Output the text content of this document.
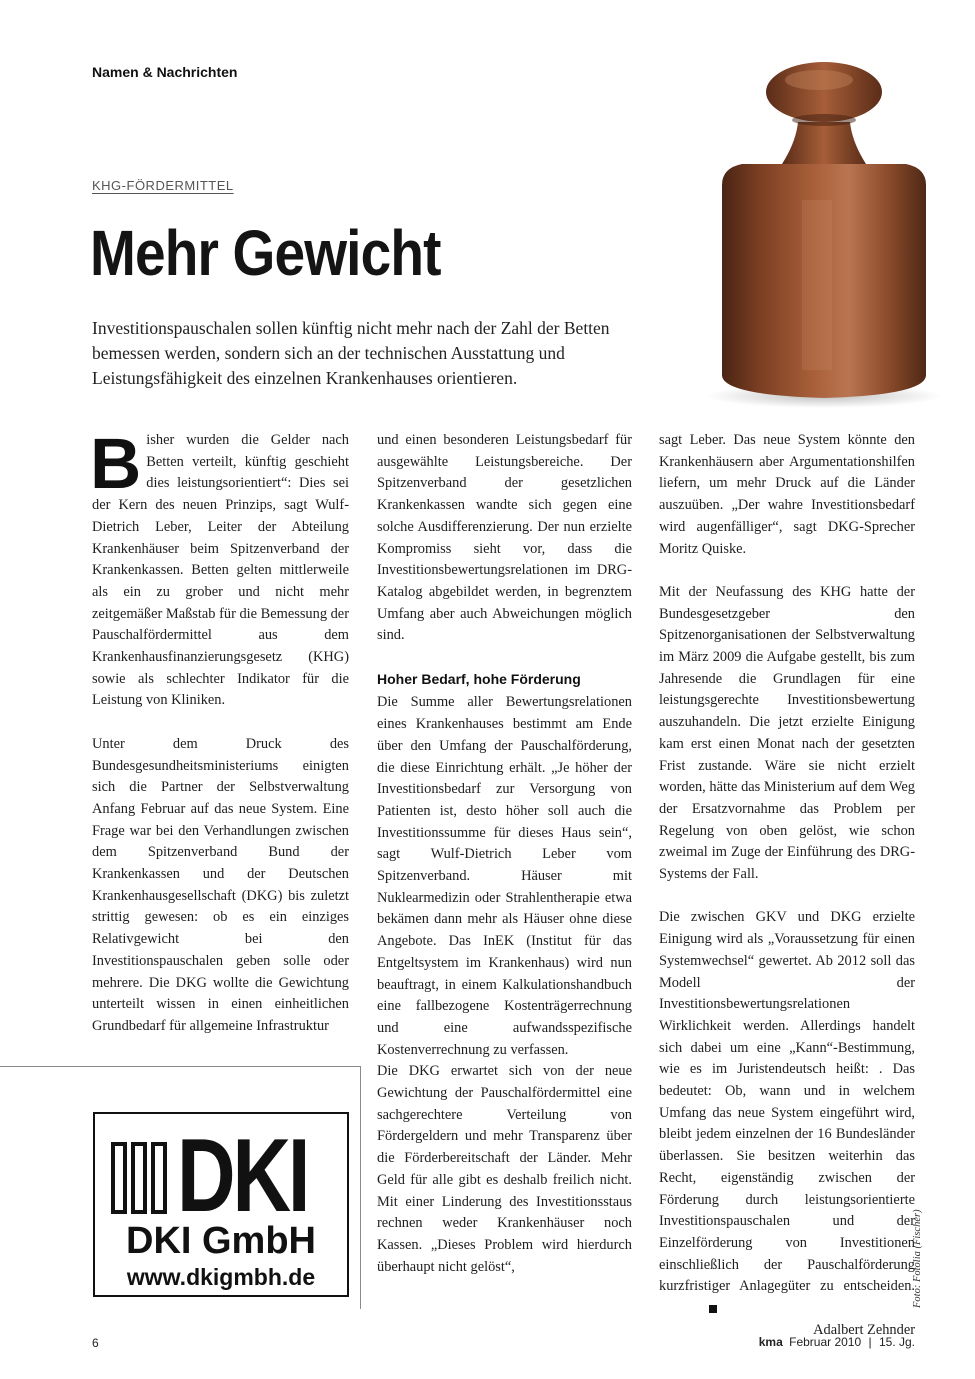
Namen & Nachrichten
KHG-FÖRDERMITTEL
Mehr Gewicht

Investitionspauschalen sollen künftig nicht mehr nach der Zahl der Betten bemessen werden, sondern sich an der technischen Ausstattung und Leistungsfähigkeit des einzelnen Krankenhauses orientieren.

Bisher wurden die Gelder nach Betten verteilt, künftig geschieht dies leistungsorientiert“: Dies sei der Kern des neuen Prinzips, sagt Wulf-Dietrich Leber, Leiter der Abteilung Krankenhäuser beim Spitzenverband der Krankenkassen. Betten gelten mittlerweile als ein zu grober und nicht mehr zeitgemäßer Maßstab für die Bemessung der Pauschalfördermittel aus dem Krankenhausfinanzierungsgesetz (KHG) sowie als schlechter Indikator für die Leistung von Kliniken.

Unter dem Druck des Bundesgesundheitsministeriums einigten sich die Partner der Selbstverwaltung Anfang Februar auf das neue System. Eine Frage war bei den Verhandlungen zwischen dem Spitzenverband Bund der Krankenkassen und der Deutschen Krankenhausgesellschaft (DKG) bis zuletzt strittig gewesen: ob es ein einziges Relativgewicht bei den Investitionspauschalen geben solle oder mehrere. Die DKG wollte die Gewichtung unterteilt wissen in einen einheitlichen Grundbedarf für allgemeine Infrastruktur

und einen besonderen Leistungsbedarf für ausgewählte Leistungsbereiche. Der Spitzenverband der gesetzlichen Krankenkassen wandte sich gegen eine solche Ausdifferenzierung. Der nun erzielte Kompromiss sieht vor, dass die Investitionsbewertungsrelationen im DRG-Katalog abgebildet werden, in begrenztem Umfang aber auch Abweichungen möglich sind.

Hoher Bedarf, hohe Förderung

Die Summe aller Bewertungsrelationen eines Krankenhauses bestimmt am Ende über den Umfang der Pauschalförderung, die diese Einrichtung erhält. „Je höher der Investitionsbedarf zur Versorgung von Patienten ist, desto höher soll auch die Investitionssumme für dieses Haus sein“, sagt Wulf-Dietrich Leber vom Spitzenverband. Häuser mit Nuklearmedizin oder Strahlentherapie etwa bekämen dann mehr als Häuser ohne diese Angebote. Das InEK (Institut für das Entgeltsystem im Krankenhaus) wird nun beauftragt, in einem Kalkulationshandbuch eine fallbezogene Kostenträgerrechnung und eine aufwandsspezifische Kostenverrechnung zu verfassen.

Die DKG erwartet sich von der neue Gewichtung der Pauschalfördermittel eine sachgerechtere Verteilung von Fördergeldern und mehr Transparenz über die Förderbereitschaft der Länder. Mehr Geld für alle gibt es deshalb freilich nicht. Mit einer Linderung des Investitionsstaus rechnen weder Krankenhäuser noch Kassen. „Dieses Problem wird hierdurch überhaupt nicht gelöst“,

sagt Leber. Das neue System könnte den Krankenhäusern aber Argumentationshilfen liefern, um mehr Druck auf die Länder auszuüben. „Der wahre Investitionsbedarf wird augenfälliger“, sagt DKG-Sprecher Moritz Quiske.

Mit der Neufassung des KHG hatte der Bundesgesetzgeber den Spitzenorganisationen der Selbstverwaltung im März 2009 die Aufgabe gestellt, bis zum Jahresende die Grundlagen für eine leistungsgerechte Investitionsbewertung auszuhandeln. Die jetzt erzielte Einigung kam erst einen Monat nach der gesetzten Frist zustande. Wäre sie nicht erzielt worden, hätte das Ministerium auf dem Weg der Ersatzvornahme das Problem per Regelung von oben gelöst, wie schon zweimal im Zuge der Einführung des DRG-Systems der Fall.

Die zwischen GKV und DKG erzielte Einigung wird als „Voraussetzung für einen Systemwechsel“ gewertet. Ab 2012 soll das Modell der Investitionsbewertungsrelationen Wirklichkeit werden. Allerdings handelt sich dabei um eine „Kann“-Bestimmung, wie es im Juristendeutsch heißt: . Das bedeutet: Ob, wann und in welchem Umfang das neue System eingeführt wird, bleibt jedem einzelnen der 16 Bundesländer überlassen. Sie besitzen weiterhin das Recht, eigenständig zwischen der Förderung durch leistungsorientierte Investitionspauschalen und der Einzelförderung von Investitionen einschließlich der Pauschalförderung kurzfristiger Anlagegüter zu entscheiden.

Adalbert Zehnder
DKI
DKI GmbH
www.dkigmbh.de	Foto: Fotolia (Fischer)
6	kma Februar 2010 | 15. Jg.
